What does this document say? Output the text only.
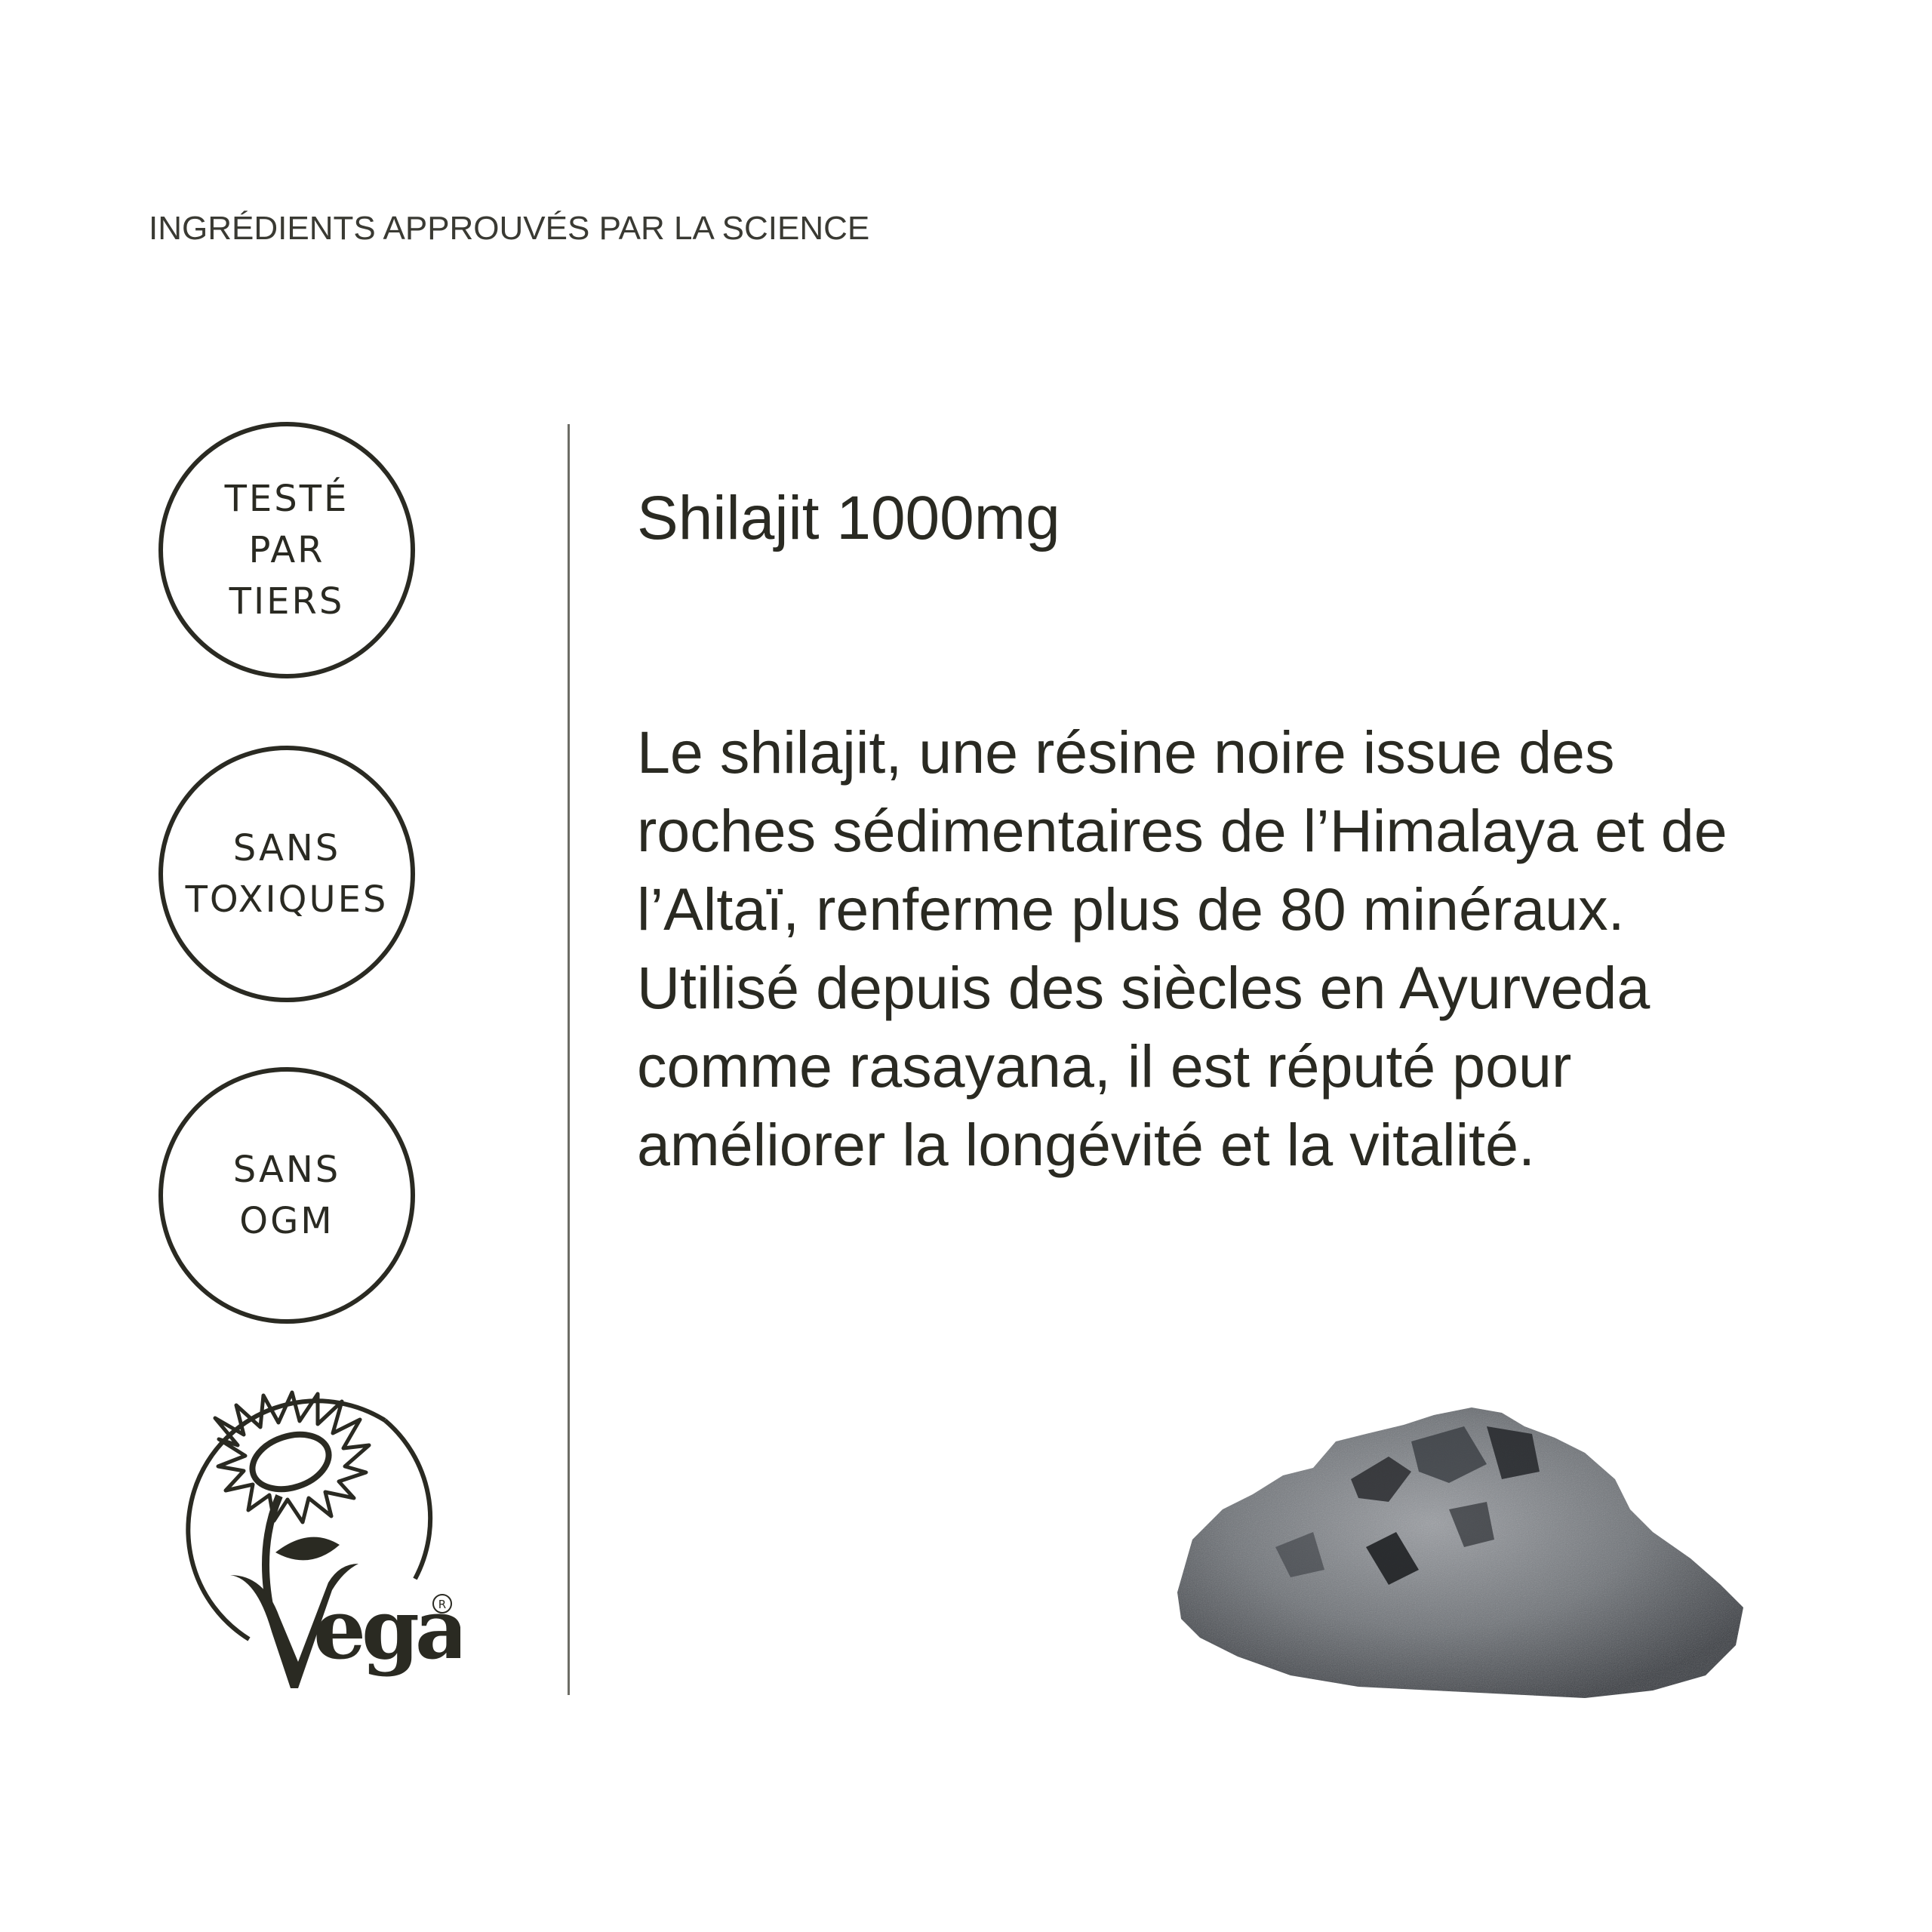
INGRÉDIENTS APPROUVÉS PAR LA SCIENCE
TESTÉ
PAR
TIERS
SANS
TOXIQUES
SANS
OGM
ega
R
Shilajit 1000mg
Le shilajit, une résine noire issue des
roches sédimentaires de l’Himalaya et de
l’Altaï, renferme plus de 80 minéraux.
Utilisé depuis des siècles en Ayurveda
comme rasayana, il est réputé pour
améliorer la longévité et la vitalité.
